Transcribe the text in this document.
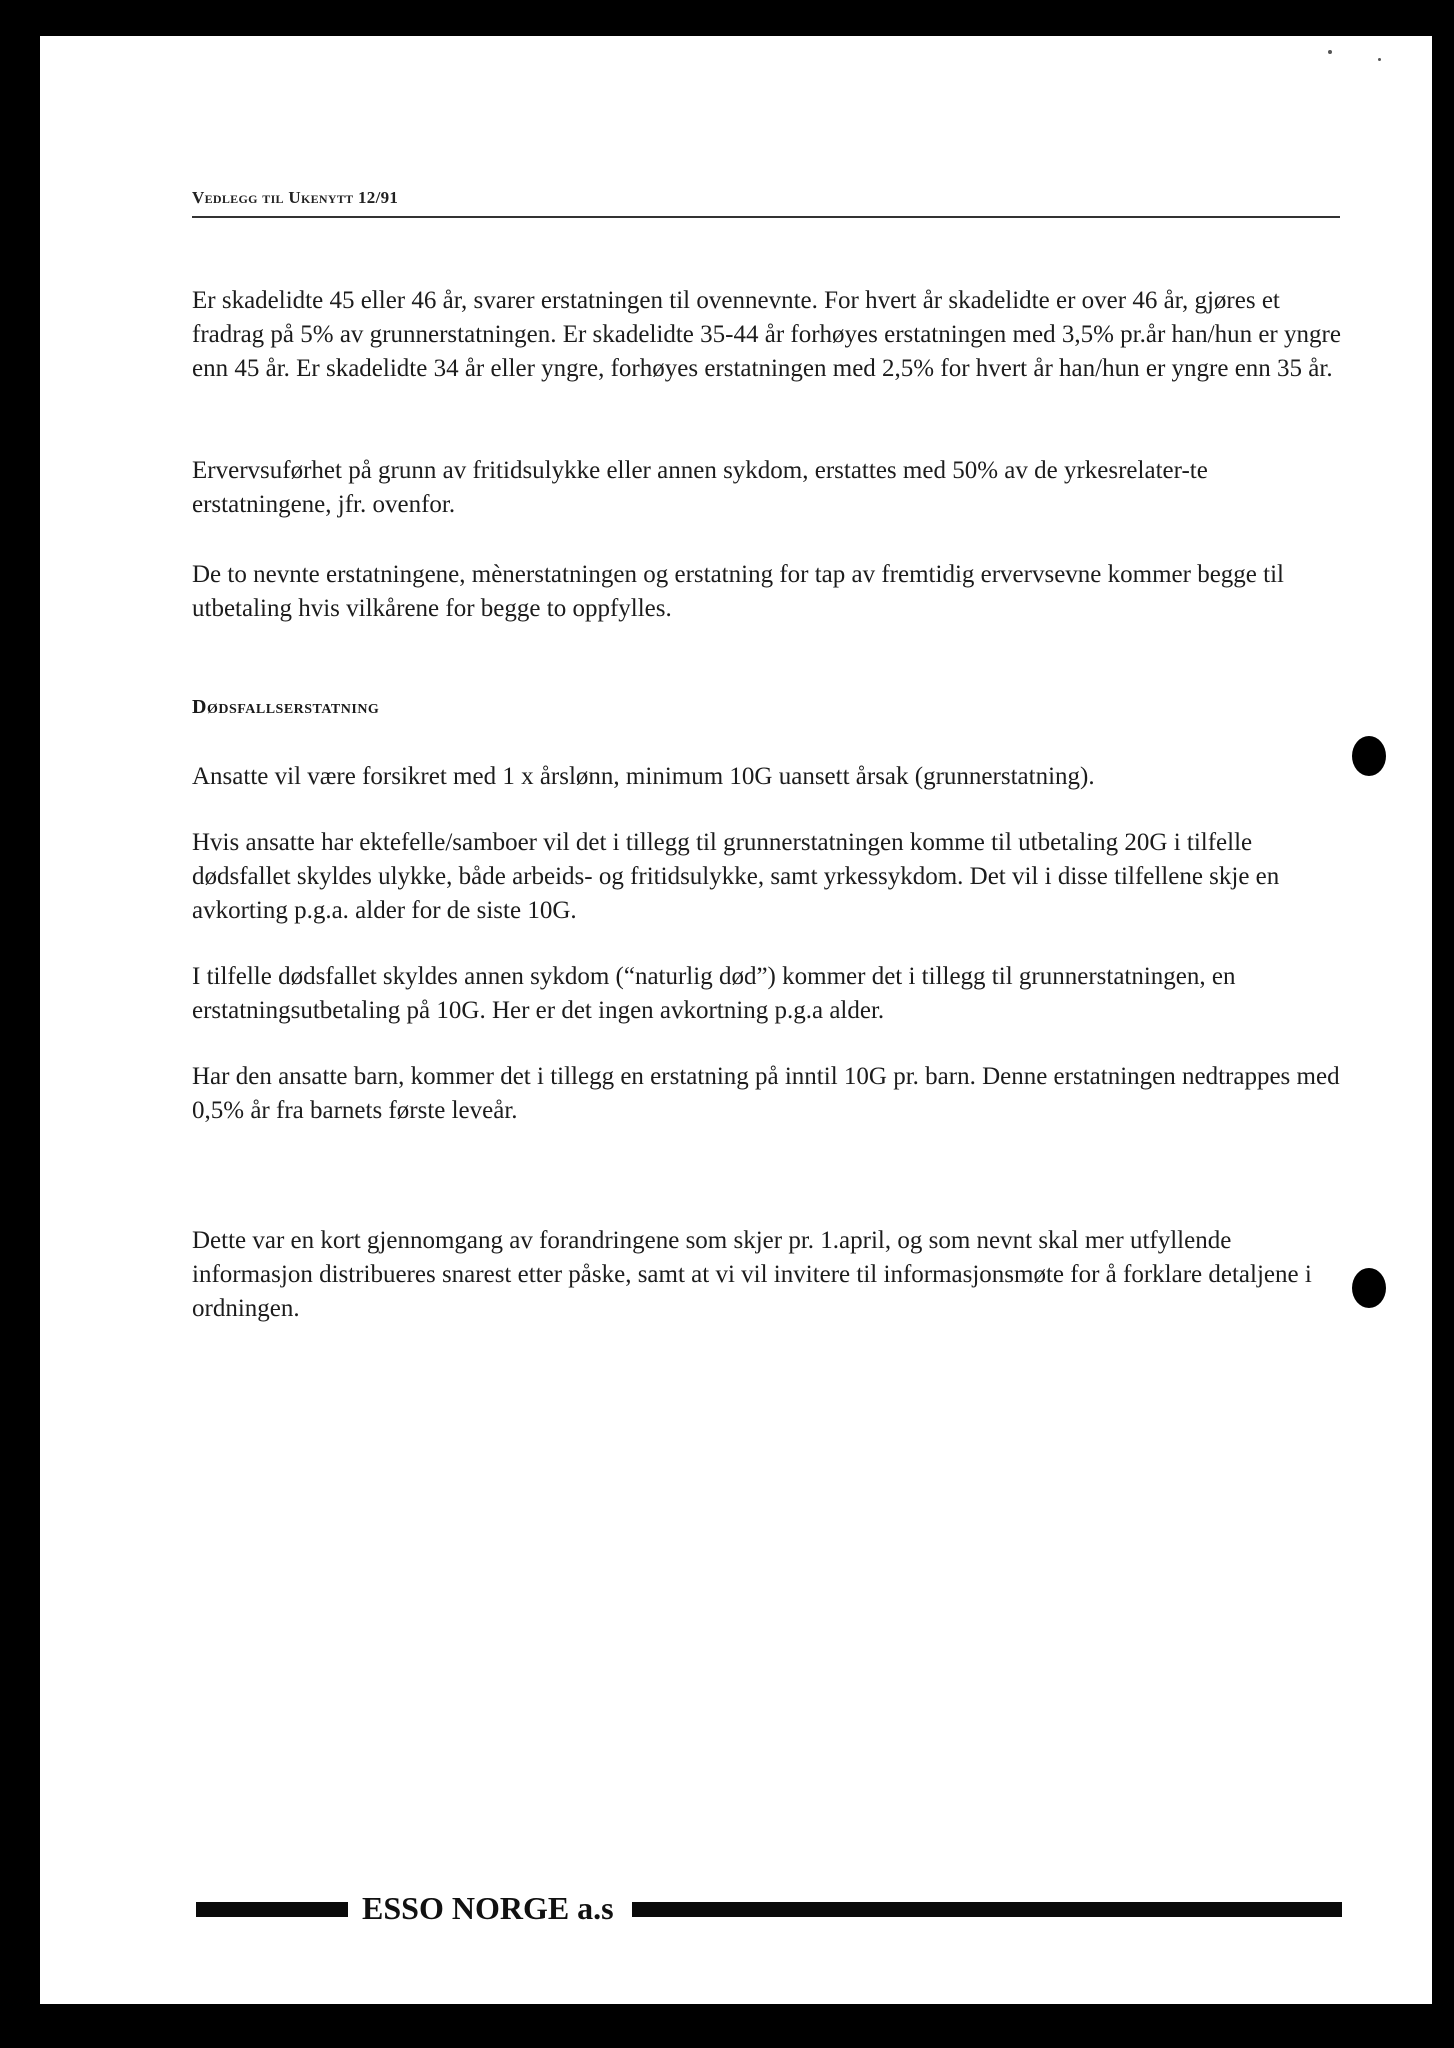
Vedlegg til Ukenytt 12/91

Er skadelidte 45 eller 46 år, svarer erstatningen til ovennevnte. For hvert år skadelidte er over 46 år, gjøres et fradrag på 5% av grunnerstatningen. Er skadelidte 35-44 år forhøyes erstatningen med 3,5% pr.år han/hun er yngre enn 45 år. Er skadelidte 34 år eller yngre, forhøyes erstatningen med 2,5% for hvert år han/hun er yngre enn 35 år.

Ervervsuførhet på grunn av fritidsulykke eller annen sykdom, erstattes med 50% av de yrkesrelater-te erstatningene, jfr. ovenfor.

De to nevnte erstatningene, mènerstatningen og erstatning for tap av fremtidig ervervsevne kommer begge til utbetaling hvis vilkårene for begge to oppfylles.

Dødsfallserstatning

Ansatte vil være forsikret med 1 x årslønn, minimum 10G uansett årsak (grunnerstatning).

Hvis ansatte har ektefelle/samboer vil det i tillegg til grunnerstatningen komme til utbetaling 20G i tilfelle dødsfallet skyldes ulykke, både arbeids- og fritidsulykke, samt yrkessykdom. Det vil i disse tilfellene skje en avkorting p.g.a. alder for de siste 10G.

I tilfelle dødsfallet skyldes annen sykdom (“naturlig død”) kommer det i tillegg til grunnerstatningen, en erstatningsutbetaling på 10G. Her er det ingen avkortning p.g.a alder.

Har den ansatte barn, kommer det i tillegg en erstatning på inntil 10G pr. barn. Denne erstatningen nedtrappes med 0,5% år fra barnets første leveår.

Dette var en kort gjennomgang av forandringene som skjer pr. 1.april, og som nevnt skal mer utfyllende informasjon distribueres snarest etter påske, samt at vi vil invitere til informasjonsmøte for å forklare detaljene i ordningen.

ESSO NORGE a.s
